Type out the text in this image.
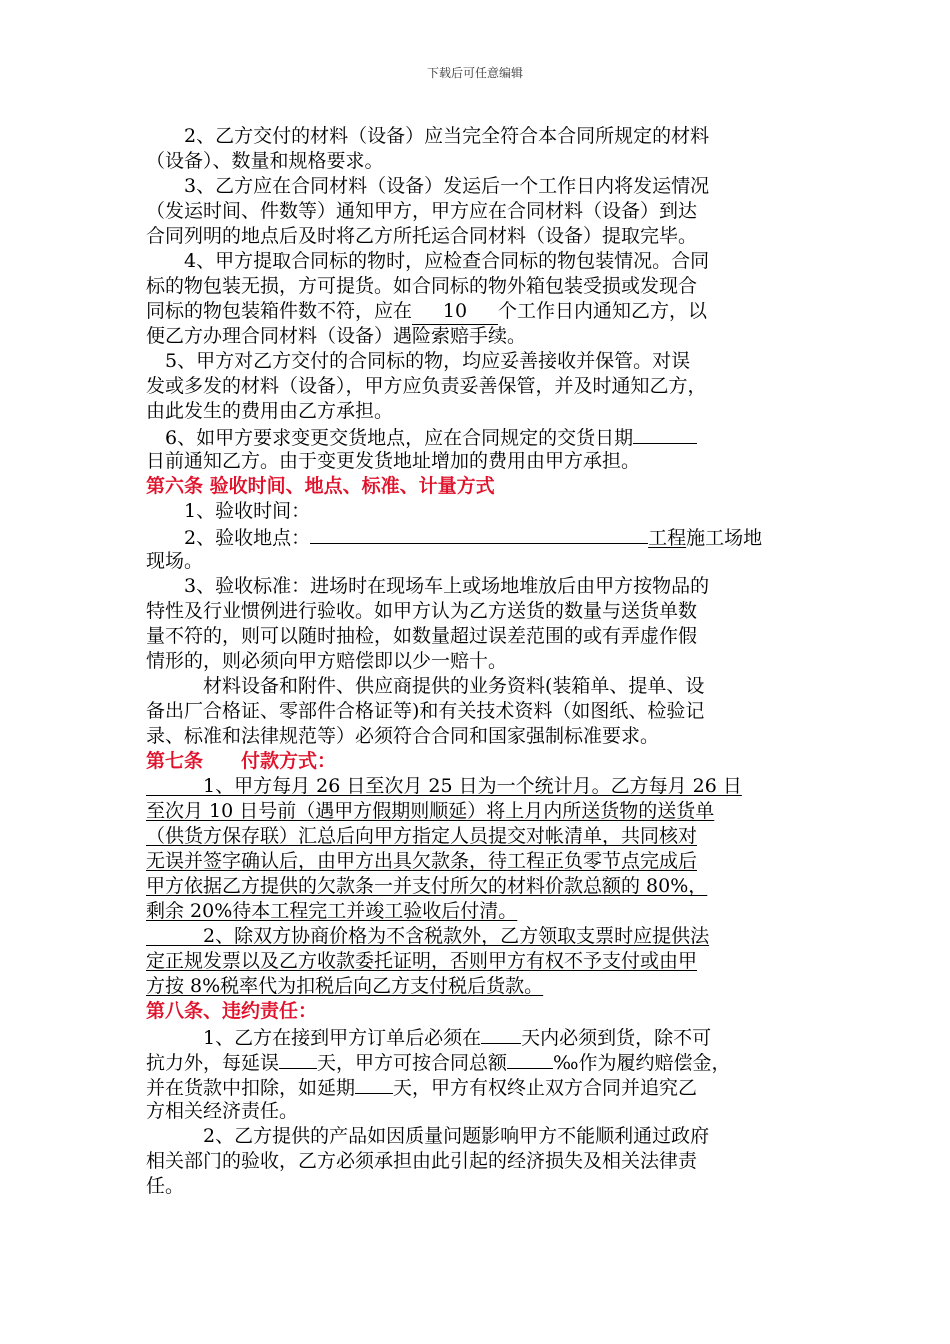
下载后可任意编辑
　　2、乙方交付的材料（设备）应当完全符合本合同所规定的材料
（设备）、数量和规格要求。
　　3、乙方应在合同材料（设备）发运后一个工作日内将发运情况
（发运时间、件数等）通知甲方，甲方应在合同材料（设备）到达
合同列明的地点后及时将乙方所托运合同材料（设备）提取完毕。
　　4、甲方提取合同标的物时，应检查合同标的物包装情况。合同
标的物包装无损，方可提货。如合同标的物外箱包装受损或发现合
同标的物包装箱件数不符，应在 10 个工作日内通知乙方，以
便乙方办理合同材料（设备）遇险索赔手续。
　5、甲方对乙方交付的合同标的物，均应妥善接收并保管。对误
发或多发的材料（设备），甲方应负责妥善保管，并及时通知乙方，
由此发生的费用由乙方承担。
　6、如甲方要求变更交货地点，应在合同规定的交货日期
日前通知乙方。由于变更发货地址增加的费用由甲方承担。
第六条 验收时间、地点、标准、计量方式
　　1、验收时间：
　　2、验收地点：	工程施工场地
现场。
　　3、验收标准：进场时在现场车上或场地堆放后由甲方按物品的
特性及行业惯例进行验收。如甲方认为乙方送货的数量与送货单数
量不符的，则可以随时抽检，如数量超过误差范围的或有弄虚作假
情形的，则必须向甲方赔偿即以少一赔十。
　　　材料设备和附件、供应商提供的业务资料(装箱单、提单、设
备出厂合格证、零部件合格证等)和有关技术资料（如图纸、检验记
录、标准和法律规范等）必须符合合同和国家强制标准要求。
第七条　　付款方式：
　　　1、甲方每月 26 日至次月 25 日为一个统计月。乙方每月 26 日
至次月 10 日号前（遇甲方假期则顺延）将上月内所送货物的送货单
（供货方保存联）汇总后向甲方指定人员提交对帐清单，共同核对
无误并签字确认后，由甲方出具欠款条，待工程正负零节点完成后
甲方依据乙方提供的欠款条一并支付所欠的材料价款总额的 80%，
剩余 20%待本工程完工并竣工验收后付清。
　　　2、除双方协商价格为不含税款外，乙方领取支票时应提供法
定正规发票以及乙方收款委托证明，否则甲方有权不予支付或由甲
方按 8%税率代为扣税后向乙方支付税后货款。
第八条、违约责任：
　　　1、乙方在接到甲方订单后必须在 天内必须到货，除不可
抗力外，每延误 天，甲方可按合同总额 ‰作为履约赔偿金，
并在货款中扣除，如延期 天，甲方有权终止双方合同并追究乙
方相关经济责任。
　　　2、乙方提供的产品如因质量问题影响甲方不能顺利通过政府
相关部门的验收，乙方必须承担由此引起的经济损失及相关法律责
任。
